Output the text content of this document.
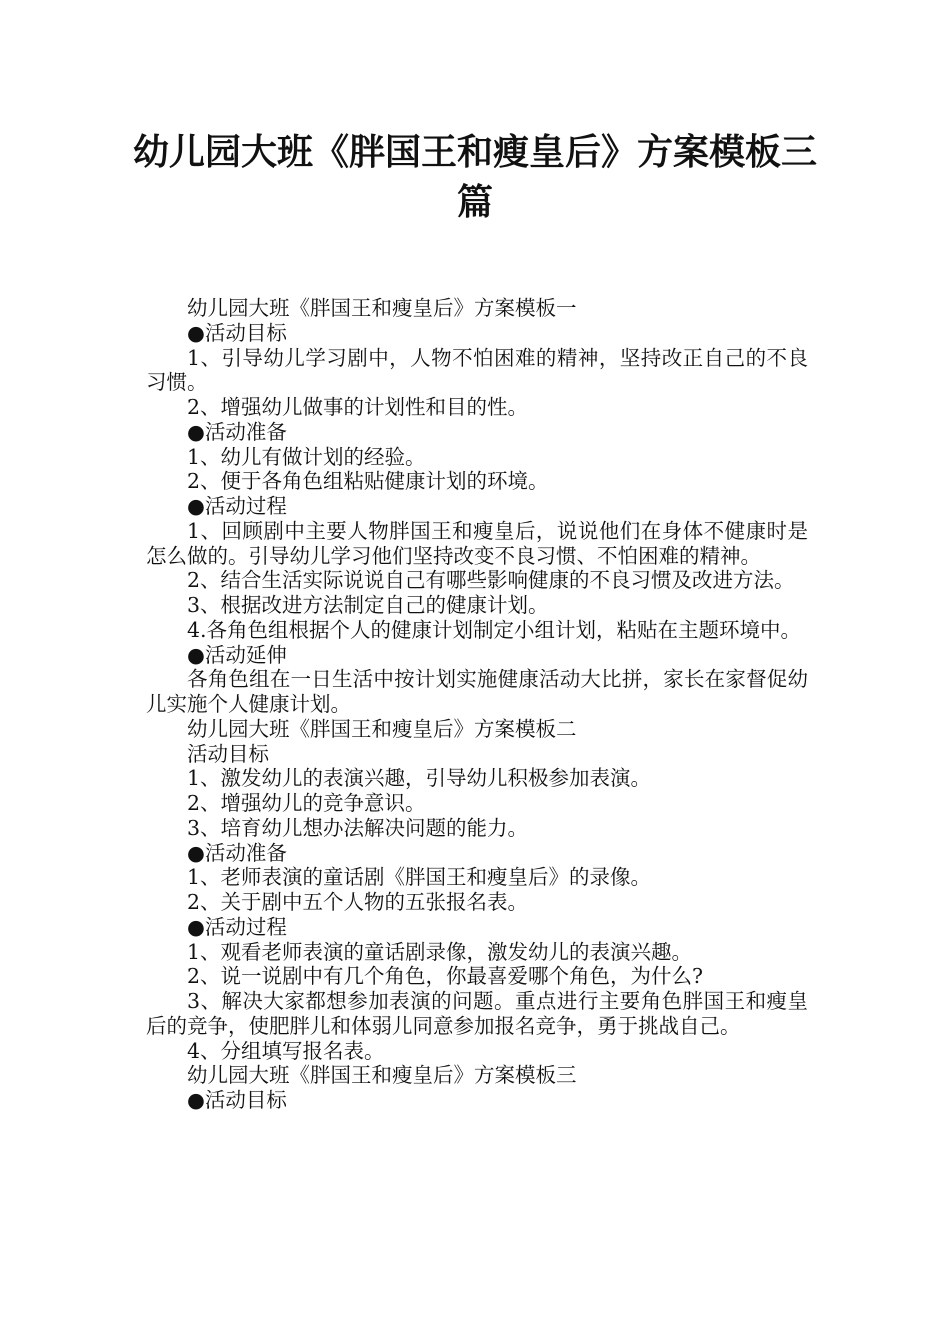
幼儿园大班《胖国王和瘦皇后》方案模板三篇

幼儿园大班《胖国王和瘦皇后》方案模板一

●活动目标

1、引导幼儿学习剧中，人物不怕困难的精神，坚持改正自己的不良习惯。

2、增强幼儿做事的计划性和目的性。

●活动准备

1、幼儿有做计划的经验。

2、便于各角色组粘贴健康计划的环境。

●活动过程

1、回顾剧中主要人物胖国王和瘦皇后，说说他们在身体不健康时是怎么做的。引导幼儿学习他们坚持改变不良习惯、不怕困难的精神。

2、结合生活实际说说自己有哪些影响健康的不良习惯及改进方法。

3、根据改进方法制定自己的健康计划。

4.各角色组根据个人的健康计划制定小组计划，粘贴在主题环境中。

●活动延伸

各角色组在一日生活中按计划实施健康活动大比拼，家长在家督促幼儿实施个人健康计划。

幼儿园大班《胖国王和瘦皇后》方案模板二

活动目标

1、激发幼儿的表演兴趣，引导幼儿积极参加表演。

2、增强幼儿的竞争意识。

3、培育幼儿想办法解决问题的能力。

●活动准备

1、老师表演的童话剧《胖国王和瘦皇后》的录像。

2、关于剧中五个人物的五张报名表。

●活动过程

1、观看老师表演的童话剧录像，激发幼儿的表演兴趣。

2、说一说剧中有几个角色，你最喜爱哪个角色，为什么?

3、解决大家都想参加表演的问题。重点进行主要角色胖国王和瘦皇后的竞争，使肥胖儿和体弱儿同意参加报名竞争，勇于挑战自己。

4、分组填写报名表。

幼儿园大班《胖国王和瘦皇后》方案模板三

●活动目标
